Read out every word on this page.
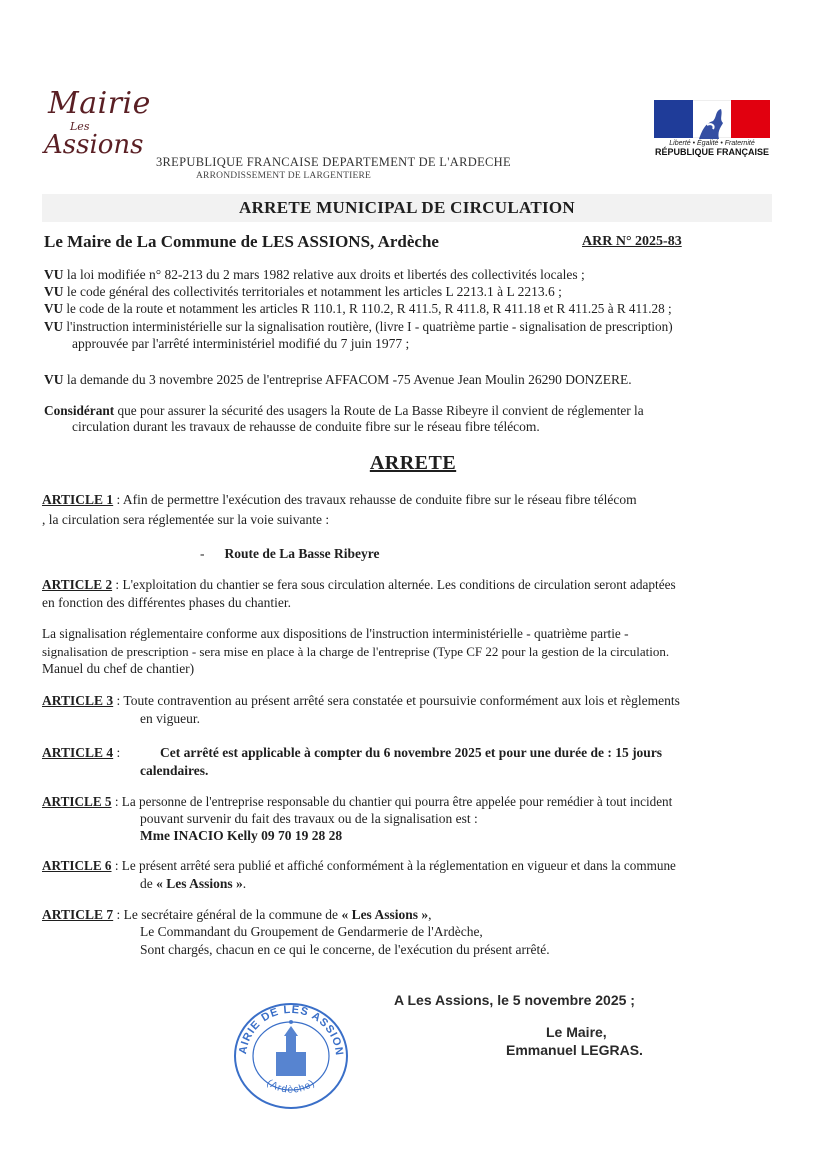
Mairie
Les
Assions
3REPUBLIQUE FRANCAISE DEPARTEMENT DE L'ARDECHE
ARRONDISSEMENT DE LARGENTIERE
Liberté • Égalité • Fraternité
RÉPUBLIQUE FRANÇAISE
ARRETE MUNICIPAL DE CIRCULATION
Le Maire de La Commune de LES ASSIONS, Ardèche	ARR N° 2025-83
VU la loi modifiée n° 82-213 du 2 mars 1982 relative aux droits et libertés des collectivités locales ;
VU le code général des collectivités territoriales et notamment les articles L 2213.1 à L 2213.6 ;
VU le code de la route et notamment les articles R 110.1, R 110.2, R 411.5, R 411.8, R 411.18 et R 411.25 à R 411.28 ;
VU l'instruction interministérielle sur la signalisation routière, (livre I - quatrième partie - signalisation de prescription)
approuvée par l'arrêté interministériel modifié du 7 juin 1977 ;
VU la demande du 3 novembre 2025 de l'entreprise AFFACOM -75 Avenue Jean Moulin 26290 DONZERE.
Considérant que pour assurer la sécurité des usagers la Route de La Basse Ribeyre il convient de réglementer la
circulation durant les travaux de rehausse de conduite fibre sur le réseau fibre télécom.
ARRETE
ARTICLE 1 : Afin de permettre l'exécution des travaux rehausse de conduite fibre sur le réseau fibre télécom
, la circulation sera réglementée sur la voie suivante :
- Route de La Basse Ribeyre
ARTICLE 2 : L'exploitation du chantier se fera sous circulation alternée. Les conditions de circulation seront adaptées
en fonction des différentes phases du chantier.
La signalisation réglementaire conforme aux dispositions de l'instruction interministérielle - quatrième partie -
signalisation de prescription - sera mise en place à la charge de l'entreprise (Type CF 22 pour la gestion de la circulation.
Manuel du chef de chantier)
ARTICLE 3 : Toute contravention au présent arrêté sera constatée et poursuivie conformément aux lois et règlements
en vigueur.
ARTICLE 4 :	Cet arrêté est applicable à compter du 6 novembre 2025 et pour une durée de : 15 jours
calendaires.
ARTICLE 5 : La personne de l'entreprise responsable du chantier qui pourra être appelée pour remédier à tout incident
pouvant survenir du fait des travaux ou de la signalisation est :
Mme INACIO Kelly 09 70 19 28 28
ARTICLE 6 : Le présent arrêté sera publié et affiché conformément à la réglementation en vigueur et dans la commune
de « Les Assions ».
ARTICLE 7 : Le secrétaire général de la commune de « Les Assions »,
Le Commandant du Groupement de Gendarmerie de l'Ardèche,
Sont chargés, chacun en ce qui le concerne, de l'exécution du présent arrêté.
A Les Assions, le 5 novembre 2025 ;
Le Maire,
Emmanuel LEGRAS.
AIRIE DE LES ASSION
(Ardèche)
